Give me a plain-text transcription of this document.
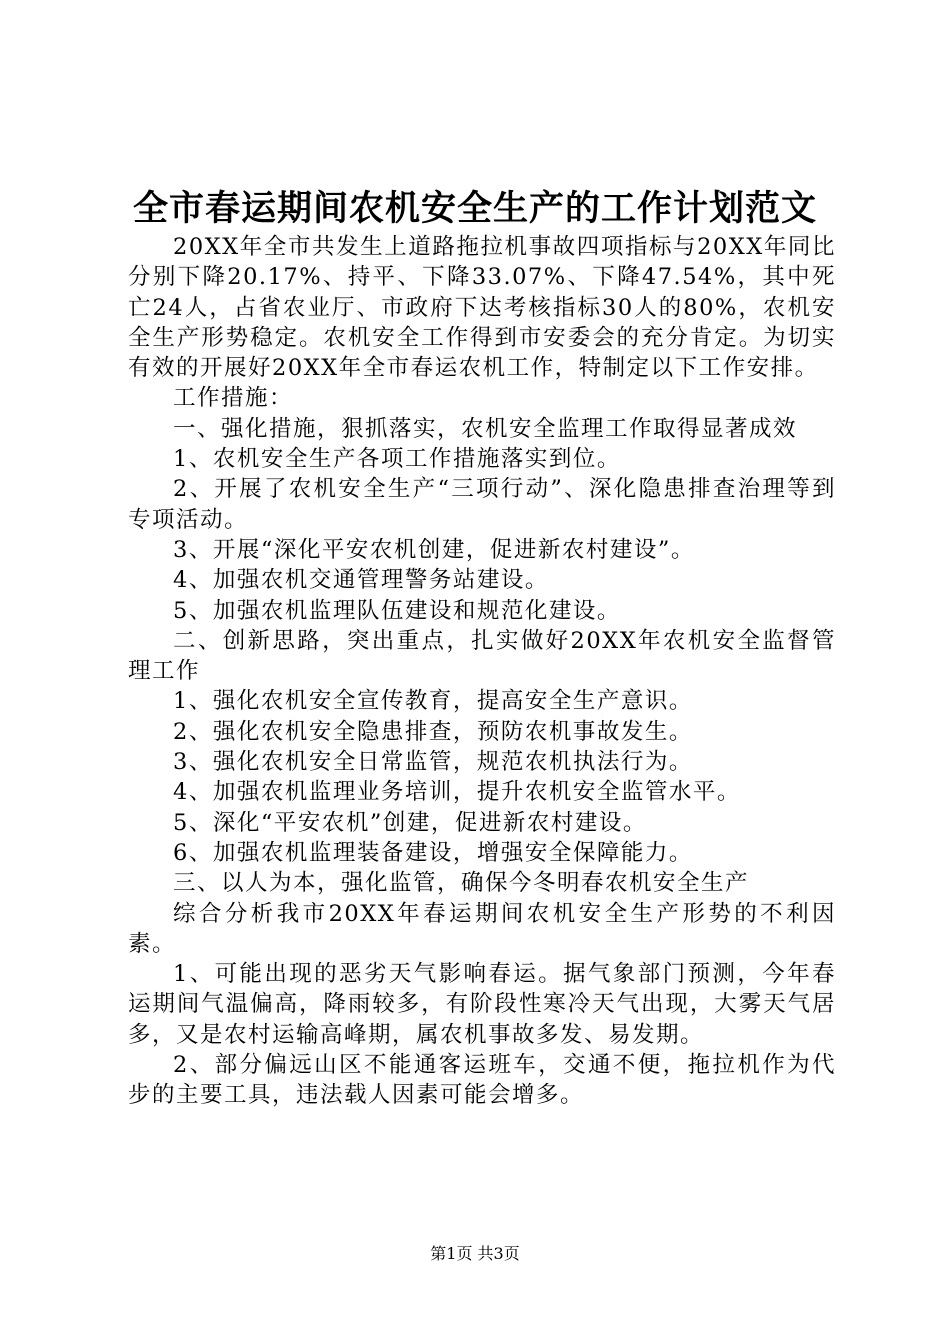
全市春运期间农机安全生产的工作计划范文

20XX年全市共发生上道路拖拉机事故四项指标与20XX年同比分别下降20.17%、持平、下降33.07%、下降47.54%，其中死亡24人，占省农业厅、市政府下达考核指标30人的80%，农机安全生产形势稳定。农机安全工作得到市安委会的充分肯定。为切实有效的开展好20XX年全市春运农机工作，特制定以下工作安排。

工作措施：

一、强化措施，狠抓落实，农机安全监理工作取得显著成效

1、农机安全生产各项工作措施落实到位。

2、开展了农机安全生产“三项行动”、深化隐患排查治理等到专项活动。

3、开展“深化平安农机创建，促进新农村建设”。

4、加强农机交通管理警务站建设。

5、加强农机监理队伍建设和规范化建设。

二、创新思路，突出重点，扎实做好20XX年农机安全监督管理工作

1、强化农机安全宣传教育，提高安全生产意识。

2、强化农机安全隐患排查，预防农机事故发生。

3、强化农机安全日常监管，规范农机执法行为。

4、加强农机监理业务培训，提升农机安全监管水平。

5、深化“平安农机”创建，促进新农村建设。

6、加强农机监理装备建设，增强安全保障能力。

三、以人为本，强化监管，确保今冬明春农机安全生产

综合分析我市20XX年春运期间农机安全生产形势的不利因素。

1、可能出现的恶劣天气影响春运。据气象部门预测，今年春运期间气温偏高，降雨较多，有阶段性寒冷天气出现，大雾天气居多，又是农村运输高峰期，属农机事故多发、易发期。

2、部分偏远山区不能通客运班车，交通不便，拖拉机作为代步的主要工具，违法载人因素可能会增多。

第1页 共3页
